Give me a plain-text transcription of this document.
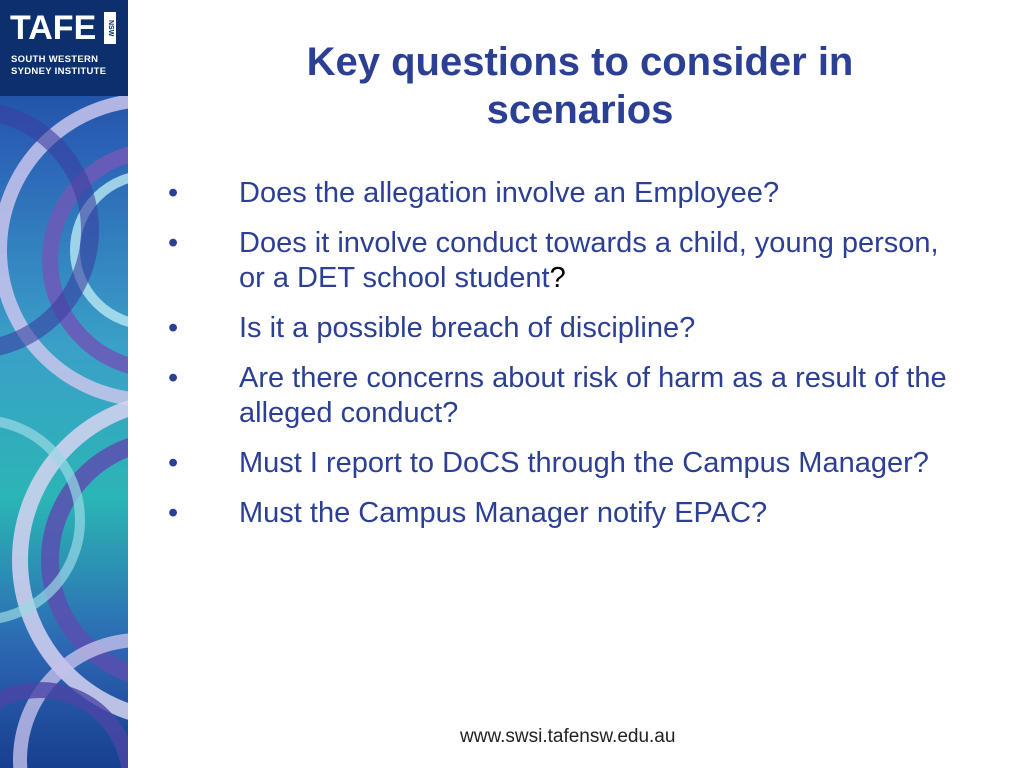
TAFE	NSW
SOUTH WESTERN
SYDNEY INSTITUTE	Key questions to consider in
scenarios
• Does the allegation involve an Employee?
• Does it involve conduct towards a child, young person, or a DET school student?
• Is it a possible breach of discipline?
• Are there concerns about risk of harm as a result of the alleged conduct?
• Must I report to DoCS through the Campus Manager?
• Must the Campus Manager notify EPAC?
www.swsi.tafensw.edu.au
